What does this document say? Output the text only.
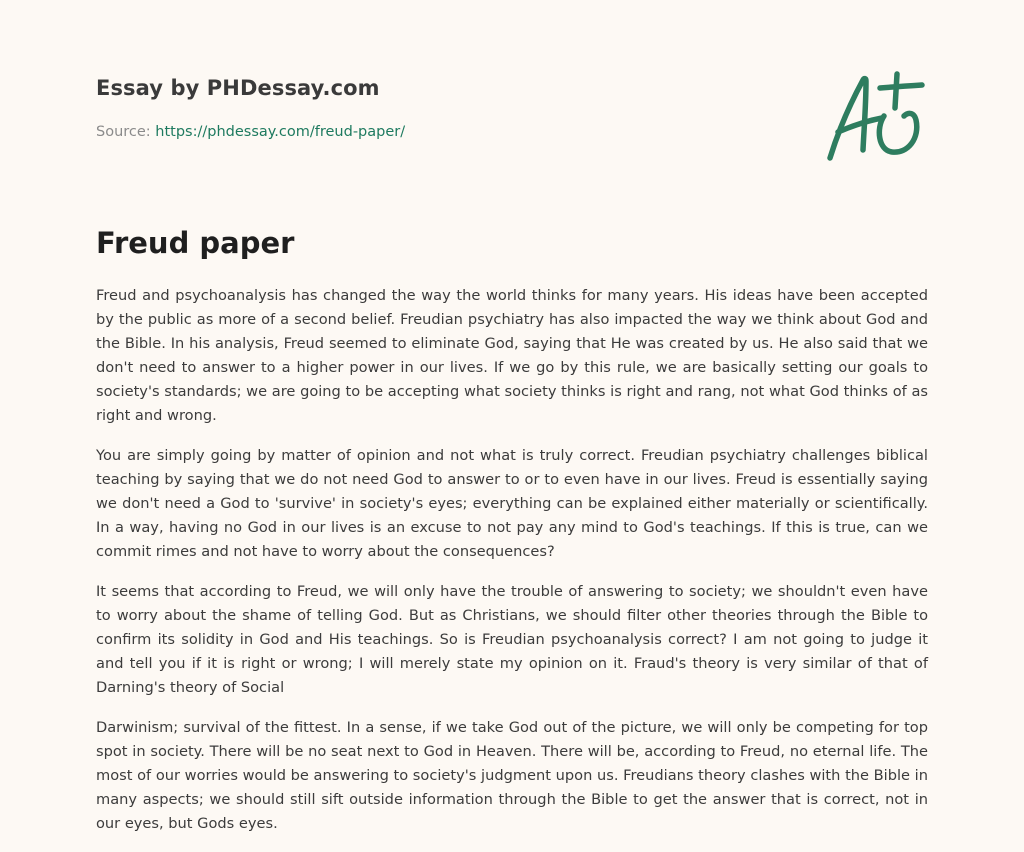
Essay by PHDessay.com
Source: https://phdessay.com/freud-paper/
Freud paper

Freud and psychoanalysis has changed the way the world thinks for many years. His ideas have been accepted by the public as more of a second belief. Freudian psychiatry has also impacted the way we think about God and the Bible. In his analysis, Freud seemed to eliminate God, saying that He was created by us. He also said that we don't need to answer to a higher power in our lives. If we go by this rule, we are basically setting our goals to society's standards; we are going to be accepting what society thinks is right and rang, not what God thinks of as right and wrong.

You are simply going by matter of opinion and not what is truly correct. Freudian psychiatry challenges biblical teaching by saying that we do not need God to answer to or to even have in our lives. Freud is essentially saying we don't need a God to 'survive' in society's eyes; everything can be explained either materially or scientifically. In a way, having no God in our lives is an excuse to not pay any mind to God's teachings. If this is true, can we commit rimes and not have to worry about the consequences?

It seems that according to Freud, we will only have the trouble of answering to society; we shouldn't even have to worry about the shame of telling God. But as Christians, we should filter other theories through the Bible to confirm its solidity in God and His teachings. So is Freudian psychoanalysis correct? I am not going to judge it and tell you if it is right or wrong; I will merely state my opinion on it. Fraud's theory is very similar of that of Darning's theory of Social

Darwinism; survival of the fittest. In a sense, if we take God out of the picture, we will only be competing for top spot in society. There will be no seat next to God in Heaven. There will be, according to Freud, no eternal life. The most of our worries would be answering to society's judgment upon us. Freudians theory clashes with the Bible in many aspects; we should still sift outside information through the Bible to get the answer that is correct, not in our eyes, but Gods eyes.
